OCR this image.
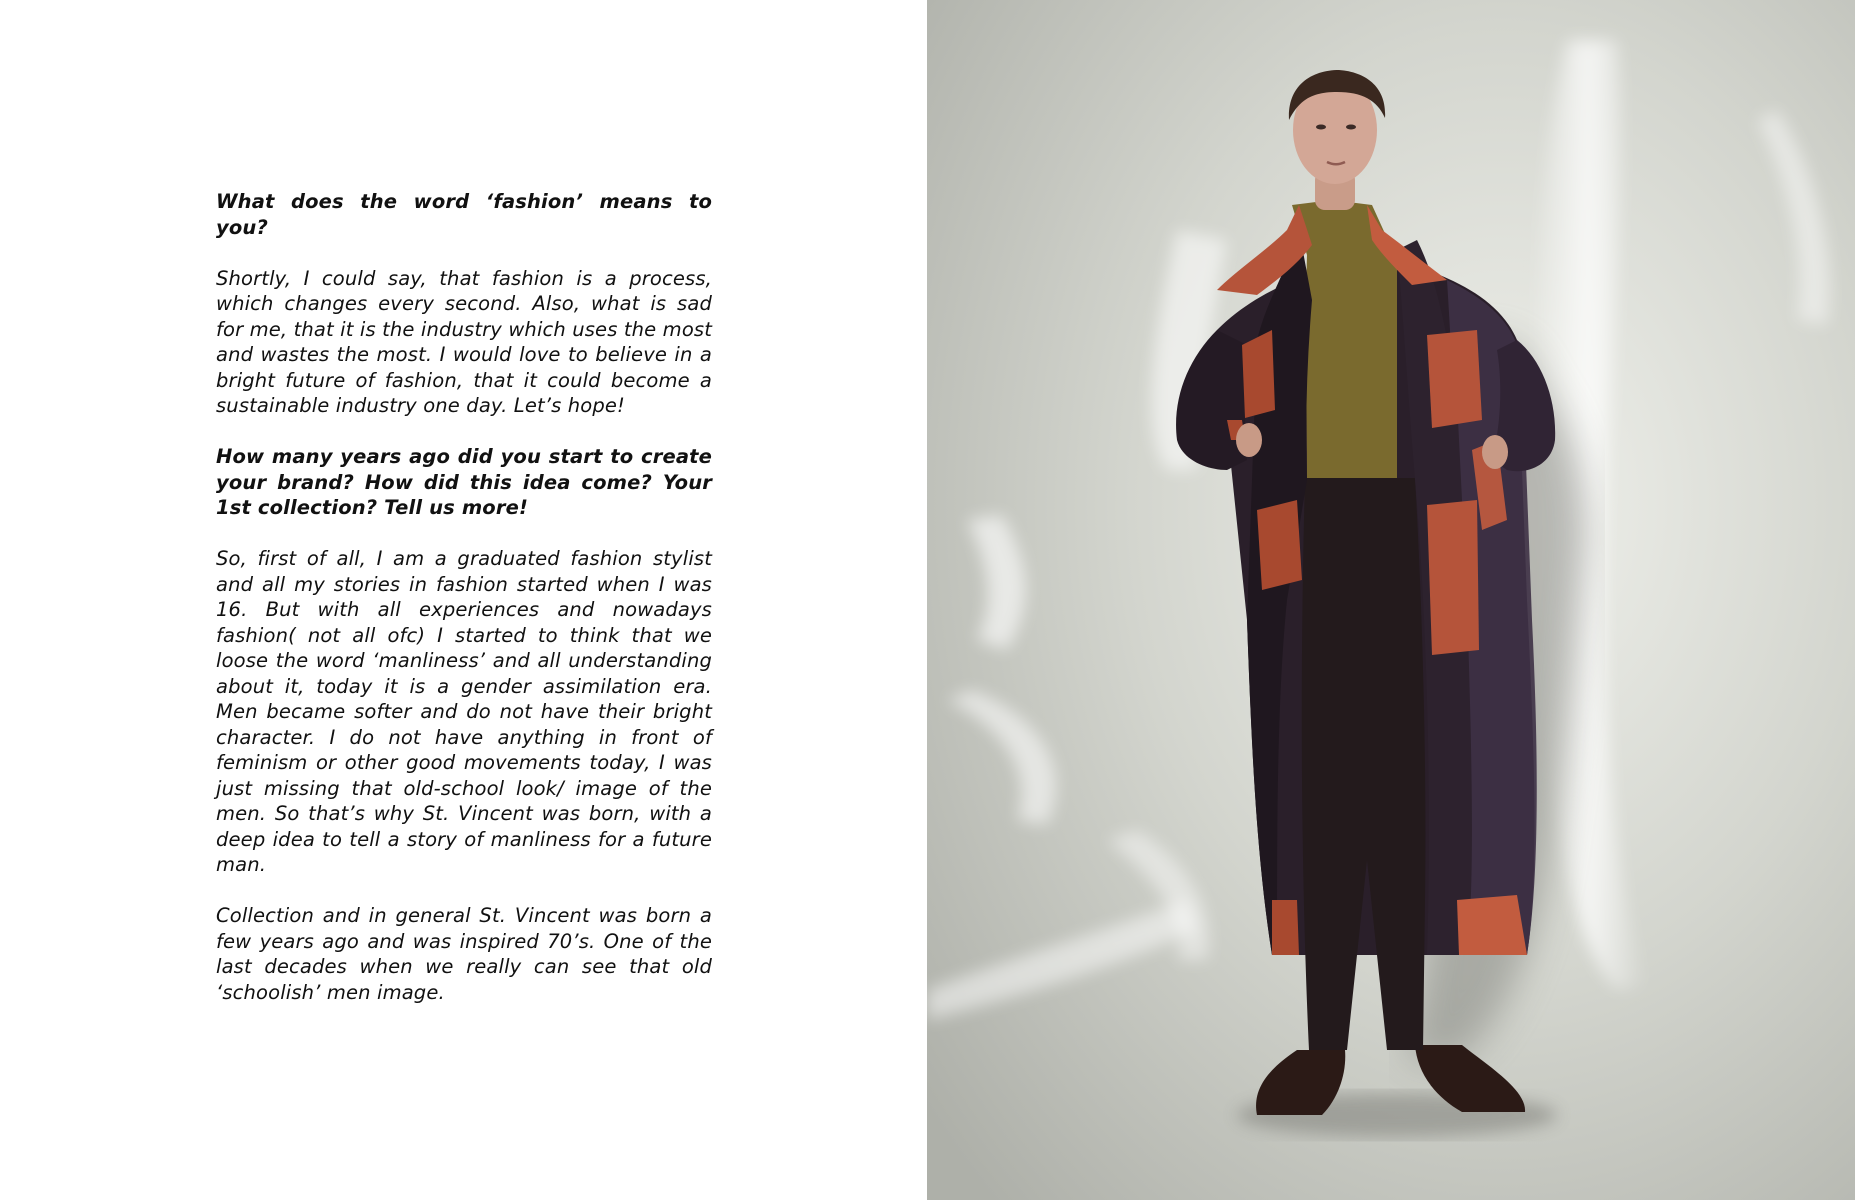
What does the word ‘fashion’ means to you?

Shortly, I could say, that fashion is a process, which changes every second. Also, what is sad for me, that it is the industry which uses the most and wastes the most. I would love to believe in a bright future of fashion, that it could become a sustainable industry one day. Let’s hope!

How many years ago did you start to create your brand? How did this idea come? Your 1st collection? Tell us more!

So, first of all, I am a graduated fashion stylist and all my stories in fashion started when I was 16. But with all experiences and nowadays fashion( not all ofc) I started to think that we loose the word ‘manliness’ and all understanding about it, today it is a gender assimilation era. Men became softer and do not have their bright character. I do not have anything in front of feminism or other good movements today, I was just missing that old-school look/ image of the men. So that’s why St. Vincent was born, with a deep idea to tell a story of manliness for a future man.

Collection and in general St. Vincent was born a few years ago and was inspired 70’s. One of the last decades when we really can see that old ‘schoolish’ men image.
